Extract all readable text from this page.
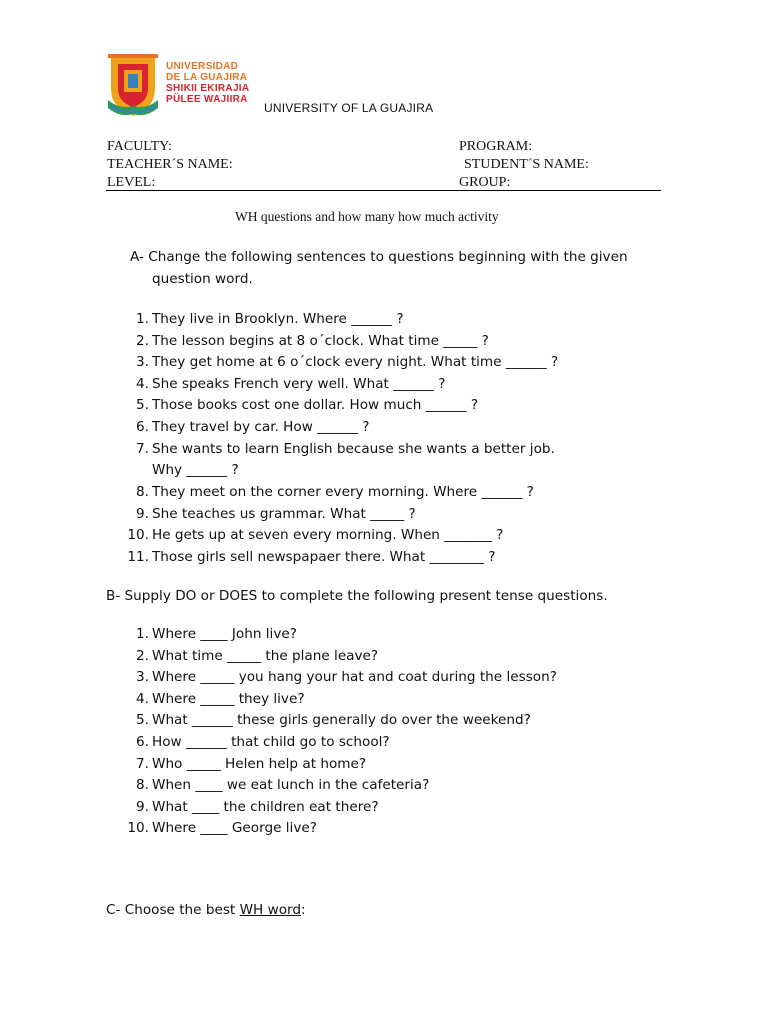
UNIVERSIDAD
DE LA GUAJIRA
SHIKII EKIRAJIA
PÜLEE WAJIIRA
UNIVERSITY OF LA GUAJIRA
FACULTY:	PROGRAM:
TEACHER´S NAME:	STUDENT´S NAME:
LEVEL:	GROUP:
WH questions and how many how much activity
A- Change the following sentences to questions beginning with the given
question word.
1. They live in Brooklyn. Where ______ ?
2. The lesson begins at 8 o´clock. What time _____ ?
3. They get home at 6 o´clock every night. What time ______ ?
4. She speaks French very well. What ______ ?
5. Those books cost one dollar. How much ______ ?
6. They travel by car. How ______ ?
7. She wants to learn English because she wants a better job.
Why ______ ?
8. They meet on the corner every morning. Where ______ ?
9. She teaches us grammar. What _____ ?
10. He gets up at seven every morning. When _______ ?
11. Those girls sell newspapaer there. What ________ ?
B- Supply DO or DOES to complete the following present tense questions.
1. Where ____ John live?
2. What time _____ the plane leave?
3. Where _____ you hang your hat and coat during the lesson?
4. Where _____ they live?
5. What ______ these girls generally do over the weekend?
6. How ______ that child go to school?
7. Who _____ Helen help at home?
8. When ____ we eat lunch in the cafeteria?
9. What ____ the children eat there?
10. Where ____ George live?
C- Choose the best WH word:
